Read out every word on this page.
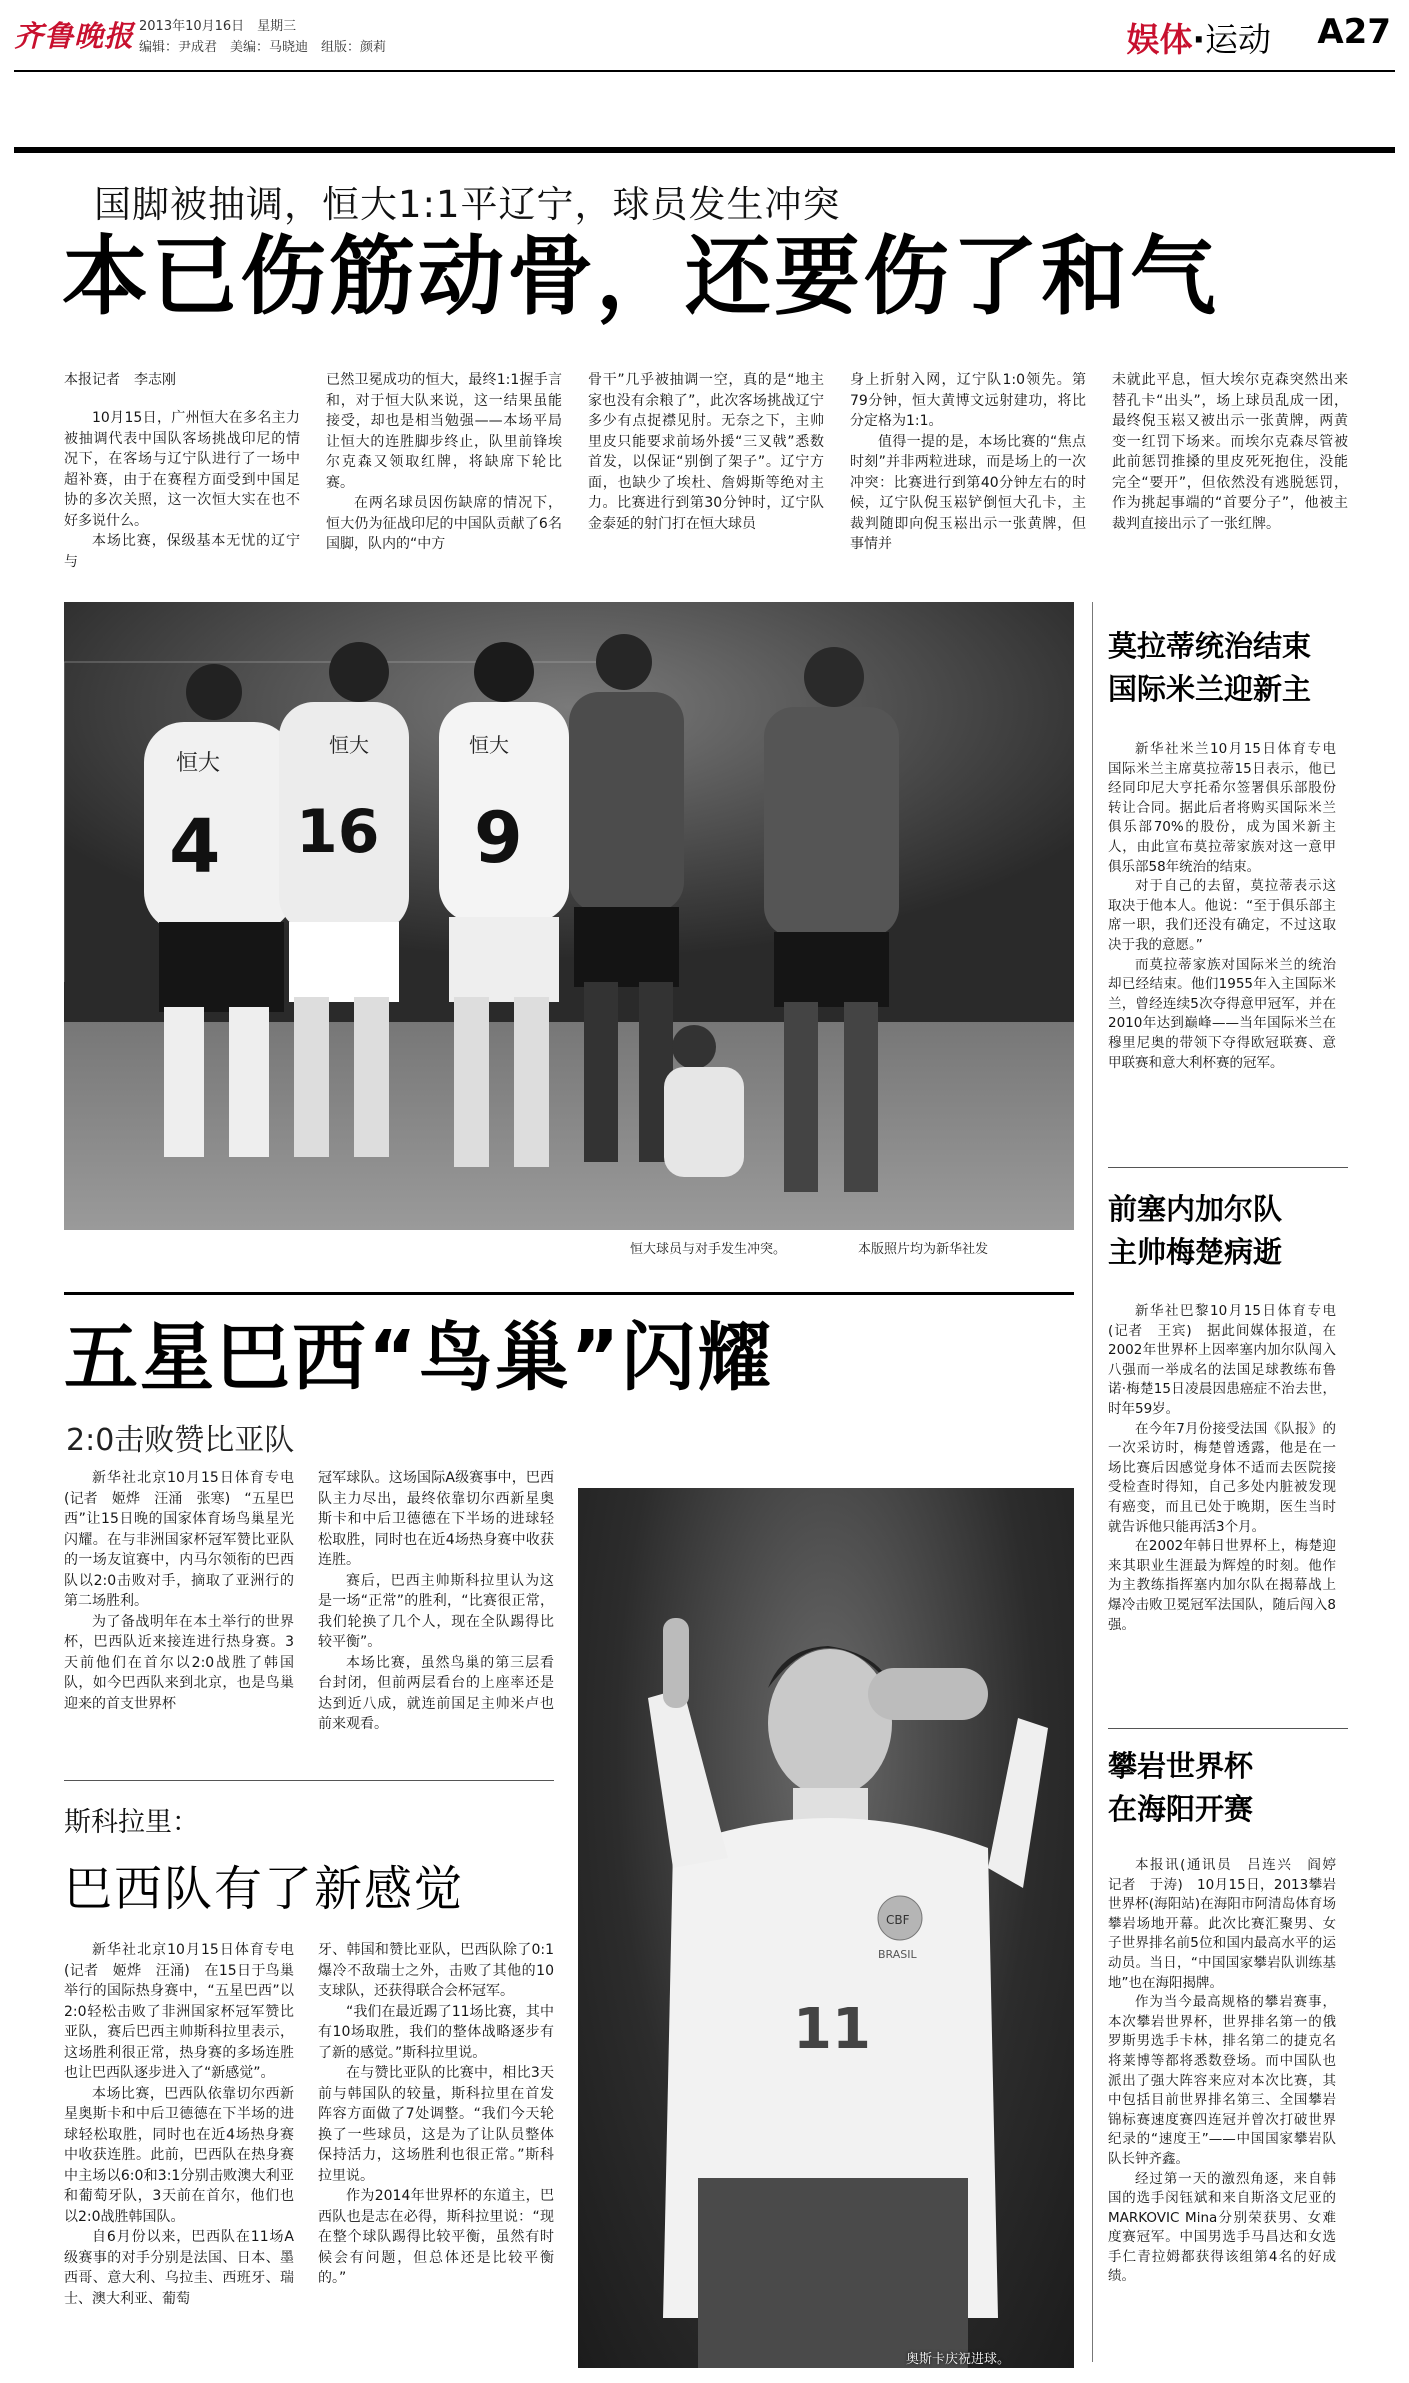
齐鲁晚报 2013年10月16日　星期三
编辑：尹成君　美编：马晓迪　组版：颜莉	娱体·运动 A27
国脚被抽调，恒大1:1平辽宁，球员发生冲突
本已伤筋动骨，还要伤了和气
本报记者　李志刚

10月15日，广州恒大在多名主力被抽调代表中国队客场挑战印尼的情况下，在客场与辽宁队进行了一场中超补赛，由于在赛程方面受到中国足协的多次关照，这一次恒大实在也不好多说什么。

本场比赛，保级基本无忧的辽宁与

已然卫冕成功的恒大，最终1:1握手言和，对于恒大队来说，这一结果虽能接受，却也是相当勉强——本场平局让恒大的连胜脚步终止，队里前锋埃尔克森又领取红牌，将缺席下轮比赛。

在两名球员因伤缺席的情况下，恒大仍为征战印尼的中国队贡献了6名国脚，队内的“中方

骨干”几乎被抽调一空，真的是“地主家也没有余粮了”，此次客场挑战辽宁多少有点捉襟见肘。无奈之下，主帅里皮只能要求前场外援“三叉戟”悉数首发，以保证“别倒了架子”。辽宁方面，也缺少了埃杜、詹姆斯等绝对主力。比赛进行到第30分钟时，辽宁队金泰延的射门打在恒大球员

身上折射入网，辽宁队1:0领先。第79分钟，恒大黄博文远射建功，将比分定格为1:1。

值得一提的是，本场比赛的“焦点时刻”并非两粒进球，而是场上的一次冲突：比赛进行到第40分钟左右的时候，辽宁队倪玉崧铲倒恒大孔卡，主裁判随即向倪玉崧出示一张黄牌，但事情并

未就此平息，恒大埃尔克森突然出来替孔卡“出头”，场上球员乱成一团，最终倪玉崧又被出示一张黄牌，两黄变一红罚下场来。而埃尔克森尽管被此前惩罚推搡的里皮死死抱住，没能完全“要开”，但依然没有逃脱惩罚，作为挑起事端的“首要分子”，他被主裁判直接出示了一张红牌。

恒大
4
恒大
16
恒大
9
恒大球员与对手发生冲突。	本版照片均为新华社发
莫拉蒂统治结束
国际米兰迎新主

新华社米兰10月15日体育专电　国际米兰主席莫拉蒂15日表示，他已经同印尼大亨托希尔签署俱乐部股份转让合同。据此后者将购买国际米兰俱乐部70%的股份，成为国米新主人，由此宣布莫拉蒂家族对这一意甲俱乐部58年统治的结束。

对于自己的去留，莫拉蒂表示这取决于他本人。他说：“至于俱乐部主席一职，我们还没有确定，不过这取决于我的意愿。”

而莫拉蒂家族对国际米兰的统治却已经结束。他们1955年入主国际米兰，曾经连续5次夺得意甲冠军，并在2010年达到巅峰——当年国际米兰在穆里尼奥的带领下夺得欧冠联赛、意甲联赛和意大利杯赛的冠军。

前塞内加尔队
主帅梅楚病逝

新华社巴黎10月15日体育专电(记者　王宾)　据此间媒体报道，在2002年世界杯上因率塞内加尔队闯入八强而一举成名的法国足球教练布鲁诺·梅楚15日凌晨因患癌症不治去世，时年59岁。

在今年7月份接受法国《队报》的一次采访时，梅楚曾透露，他是在一场比赛后因感觉身体不适而去医院接受检查时得知，自己多处内脏被发现有癌变，而且已处于晚期，医生当时就告诉他只能再活3个月。

在2002年韩日世界杯上，梅楚迎来其职业生涯最为辉煌的时刻。他作为主教练指挥塞内加尔队在揭幕战上爆冷击败卫冕冠军法国队，随后闯入8强。

攀岩世界杯
在海阳开赛

本报讯(通讯员　吕连兴　阎婷　记者　于涛)　10月15日，2013攀岩世界杯(海阳站)在海阳市阿清岛体育场攀岩场地开幕。此次比赛汇聚男、女子世界排名前5位和国内最高水平的运动员。当日，“中国国家攀岩队训练基地”也在海阳揭牌。

作为当今最高规格的攀岩赛事，本次攀岩世界杯，世界排名第一的俄罗斯男选手卡林，排名第二的捷克名将莱博等都将悉数登场。而中国队也派出了强大阵容来应对本次比赛，其中包括目前世界排名第三、全国攀岩锦标赛速度赛四连冠并曾次打破世界纪录的“速度王”——中国国家攀岩队队长钟齐鑫。

经过第一天的激烈角逐，来自韩国的选手闵钰斌和来自斯洛文尼亚的MARKOVIC Mina分别荣获男、女难度赛冠军。中国男选手马昌达和女选手仁青拉姆都获得该组第4名的好成绩。

五星巴西“鸟巢”闪耀
2:0击败赞比亚队

新华社北京10月15日体育专电(记者　姬烨　汪涌　张寒)　“五星巴西”让15日晚的国家体育场鸟巢星光闪耀。在与非洲国家杯冠军赞比亚队的一场友谊赛中，内马尔领衔的巴西队以2:0击败对手，摘取了亚洲行的第二场胜利。

为了备战明年在本土举行的世界杯，巴西队近来接连进行热身赛。3天前他们在首尔以2:0战胜了韩国队，如今巴西队来到北京，也是鸟巢迎来的首支世界杯

冠军球队。这场国际A级赛事中，巴西队主力尽出，最终依靠切尔西新星奥斯卡和中后卫德德在下半场的进球轻松取胜，同时也在近4场热身赛中收获连胜。

赛后，巴西主帅斯科拉里认为这是一场“正常”的胜利，“比赛很正常，我们轮换了几个人，现在全队踢得比较平衡”。

本场比赛，虽然鸟巢的第三层看台封闭，但前两层看台的上座率还是达到近八成，就连前国足主帅米卢也前来观看。

斯科拉里：
巴西队有了新感觉

新华社北京10月15日体育专电(记者　姬烨　汪涌)　在15日于鸟巢举行的国际热身赛中，“五星巴西”以2:0轻松击败了非洲国家杯冠军赞比亚队，赛后巴西主帅斯科拉里表示，这场胜利很正常，热身赛的多场连胜也让巴西队逐步进入了“新感觉”。

本场比赛，巴西队依靠切尔西新星奥斯卡和中后卫德德在下半场的进球轻松取胜，同时也在近4场热身赛中收获连胜。此前，巴西队在热身赛中主场以6:0和3:1分别击败澳大利亚和葡萄牙队，3天前在首尔，他们也以2:0战胜韩国队。

自6月份以来，巴西队在11场A级赛事的对手分别是法国、日本、墨西哥、意大利、乌拉圭、西班牙、瑞士、澳大利亚、葡萄

牙、韩国和赞比亚队，巴西队除了0:1爆冷不敌瑞士之外，击败了其他的10支球队，还获得联合会杯冠军。

“我们在最近踢了11场比赛，其中有10场取胜，我们的整体战略逐步有了新的感觉。”斯科拉里说。

在与赞比亚队的比赛中，相比3天前与韩国队的较量，斯科拉里在首发阵容方面做了7处调整。“我们今天轮换了一些球员，这是为了让队员整体保持活力，这场胜利也很正常。”斯科拉里说。

作为2014年世界杯的东道主，巴西队也是志在必得，斯科拉里说：“现在整个球队踢得比较平衡，虽然有时候会有问题，但总体还是比较平衡的。”

CBF
BRASIL
11
奥斯卡庆祝进球。
